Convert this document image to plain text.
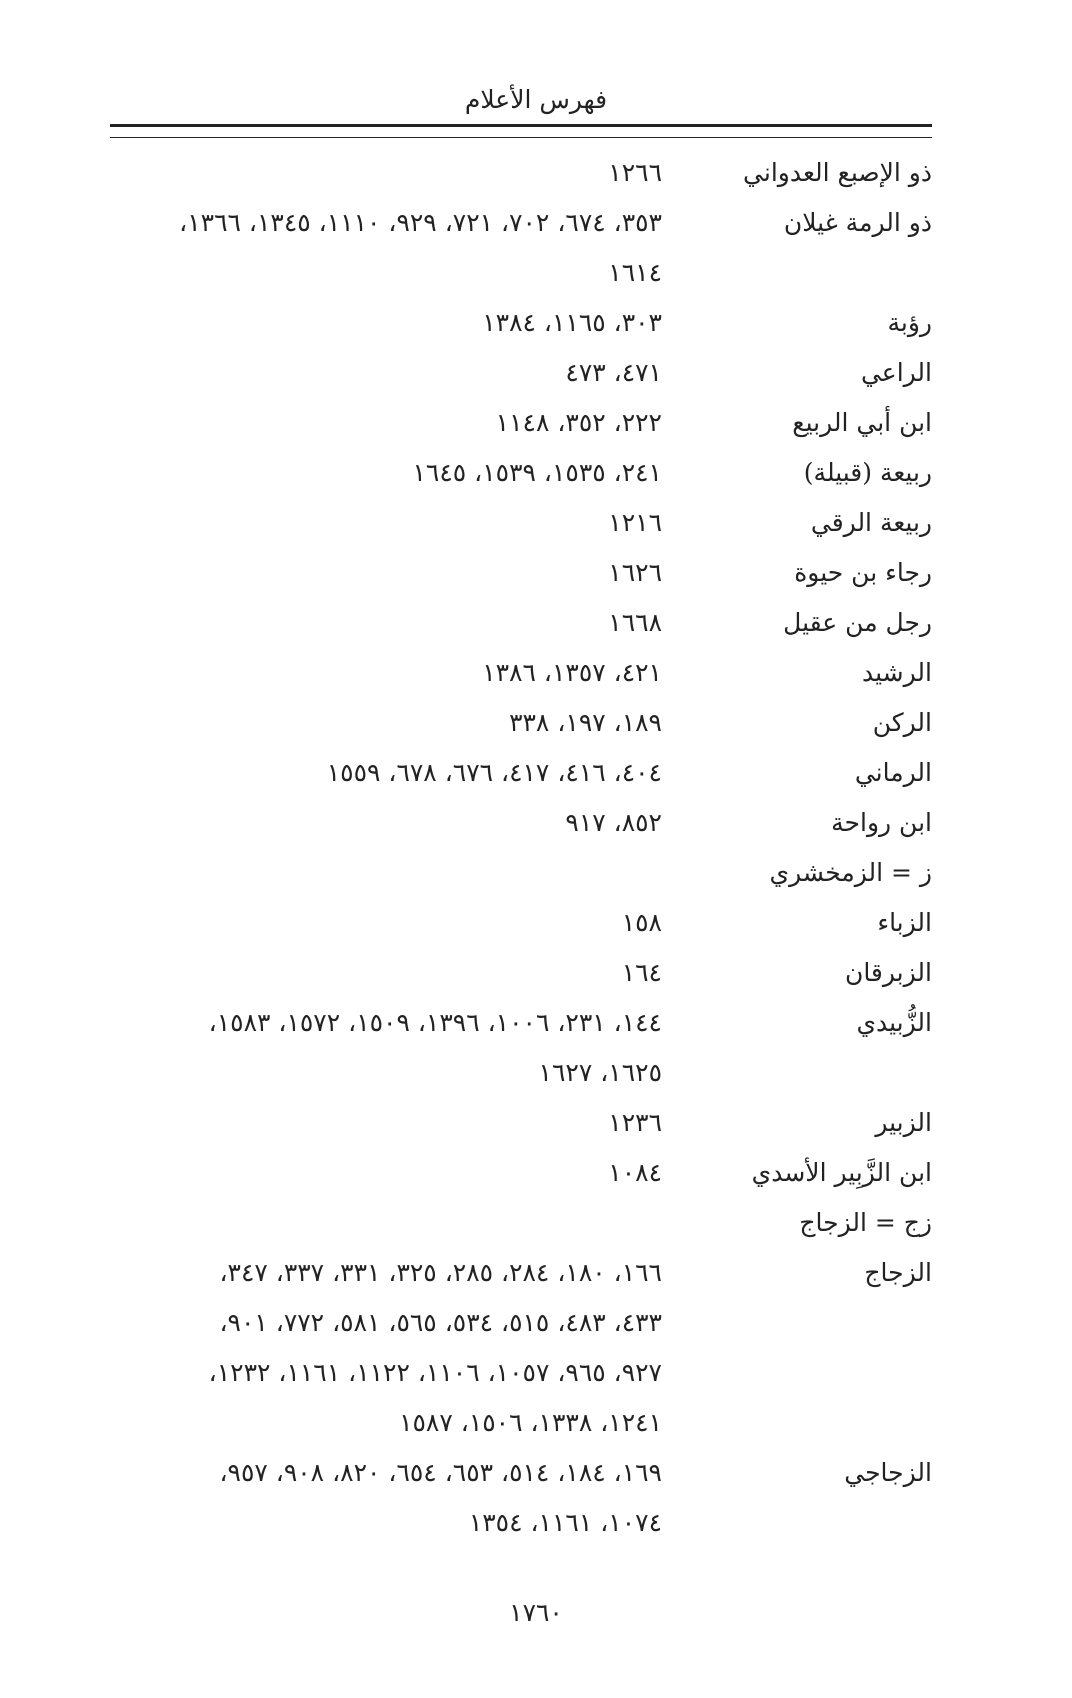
فهرس الأعلام
ذو الإصبع العدواني
١٢٦٦
ذو الرمة غيلان
٣٥٣، ٦٧٤، ٧٠٢، ٧٢١، ٩٢٩، ١١١٠، ١٣٤٥، ١٣٦٦،
١٦١٤
رؤبة
٣٠٣، ١١٦٥، ١٣٨٤
الراعي
٤٧١، ٤٧٣
ابن أبي الربيع
٢٢٢، ٣٥٢، ١١٤٨
ربيعة (قبيلة)
٢٤١، ١٥٣٥، ١٥٣٩، ١٦٤٥
ربيعة الرقي
١٢١٦
رجاء بن حيوة
١٦٢٦
رجل من عقيل
١٦٦٨
الرشيد
٤٢١، ١٣٥٧، ١٣٨٦
الركن
١٨٩، ١٩٧، ٣٣٨
الرماني
٤٠٤، ٤١٦، ٤١٧، ٦٧٦، ٦٧٨، ١٥٥٩
ابن رواحة
٨٥٢، ٩١٧
ز = الزمخشري
الزباء
١٥٨
الزبرقان
١٦٤
الزُّبيدي
١٤٤، ٢٣١، ١٠٠٦، ١٣٩٦، ١٥٠٩، ١٥٧٢، ١٥٨٣،
١٦٢٥، ١٦٢٧
الزبير
١٢٣٦
ابن الزَّبِير الأسدي
١٠٨٤
زج = الزجاج
الزجاج
١٦٦، ١٨٠، ٢٨٤، ٢٨٥، ٣٢٥، ٣٣١، ٣٣٧، ٣٤٧،
٤٣٣، ٤٨٣، ٥١٥، ٥٣٤، ٥٦٥، ٥٨١، ٧٧٢، ٩٠١،
٩٢٧، ٩٦٥، ١٠٥٧، ١١٠٦، ١١٢٢، ١١٦١، ١٢٣٢،
١٢٤١، ١٣٣٨، ١٥٠٦، ١٥٨٧
الزجاجي
١٦٩، ١٨٤، ٥١٤، ٦٥٣، ٦٥٤، ٨٢٠، ٩٠٨، ٩٥٧،
١٠٧٤، ١١٦١، ١٣٥٤
١٧٦٠
